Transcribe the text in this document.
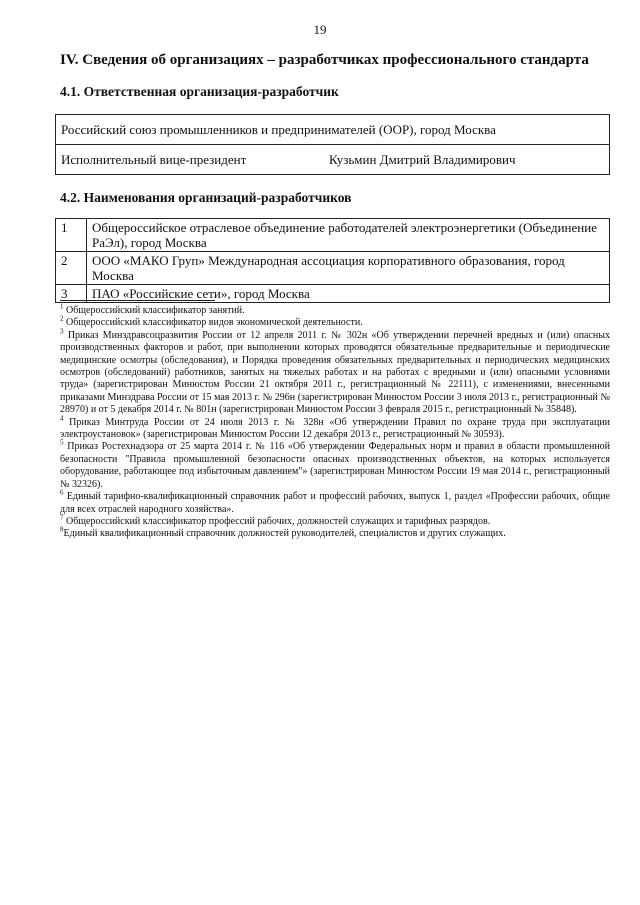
19
IV. Сведения об организациях – разработчиках профессионального стандарта
4.1. Ответственная организация-разработчик
Российский союз промышленников и предпринимателей (ООР), город Москва
Исполнительный вице-президент	Кузьмин Дмитрий Владимирович
4.2. Наименования организаций-разработчиков
1	Общероссийское отраслевое объединение работодателей электроэнергетики (Объединение РаЭл), город Москва
2	ООО «МАКО Груп» Международная ассоциация корпоративного образования, город Москва
3	ПАО «Российские сети», город Москва

$^1$ Общероссийский классификатор занятий.

$^2$ Общероссийский классификатор видов экономической деятельности.

$^3$ Приказ Минздравсоцразвития России от 12 апреля 2011 г. № 302н «Об утверждении перечней вредных и (или) опасных производственных факторов и работ, при выполнении которых проводятся обязательные предварительные и периодические медицинские осмотры (обследования), и Порядка проведения обязательных предварительных и периодических медицинских осмотров (обследований) работников, занятых на тяжелых работах и на работах с вредными и (или) опасными условиями труда» (зарегистрирован Минюстом России 21 октября 2011 г., регистрационный № 22111), с изменениями, внесенными приказами Минздрава России от 15 мая 2013 г. № 296н (зарегистрирован Минюстом России 3 июля 2013 г., регистрационный № 28970) и от 5 декабря 2014 г. № 801н (зарегистрирован Минюстом России 3 февраля 2015 г., регистрационный № 35848).

$^4$ Приказ Минтруда России от 24 июля 2013 г. № 328н «Об утверждении Правил по охране труда при эксплуатации электроустановок» (зарегистрирован Минюстом России 12 декабря 2013 г., регистрационный № 30593).

$^5$ Приказ Ростехнадзора от 25 марта 2014 г. № 116 «Об утверждении Федеральных норм и правил в области промышленной безопасности "Правила промышленной безопасности опасных производственных объектов, на которых используется оборудование, работающее под избыточным давлением"» (зарегистрирован Минюстом России 19 мая 2014 г., регистрационный № 32326).

$^6$ Единый тарифно-квалификационный справочник работ и профессий рабочих, выпуск 1, раздел «Профессии рабочих, общие для всех отраслей народного хозяйства».

$^7$ Общероссийский классификатор профессий рабочих, должностей служащих и тарифных разрядов.

$^8$Единый квалификационный справочник должностей руководителей, специалистов и других служащих.
